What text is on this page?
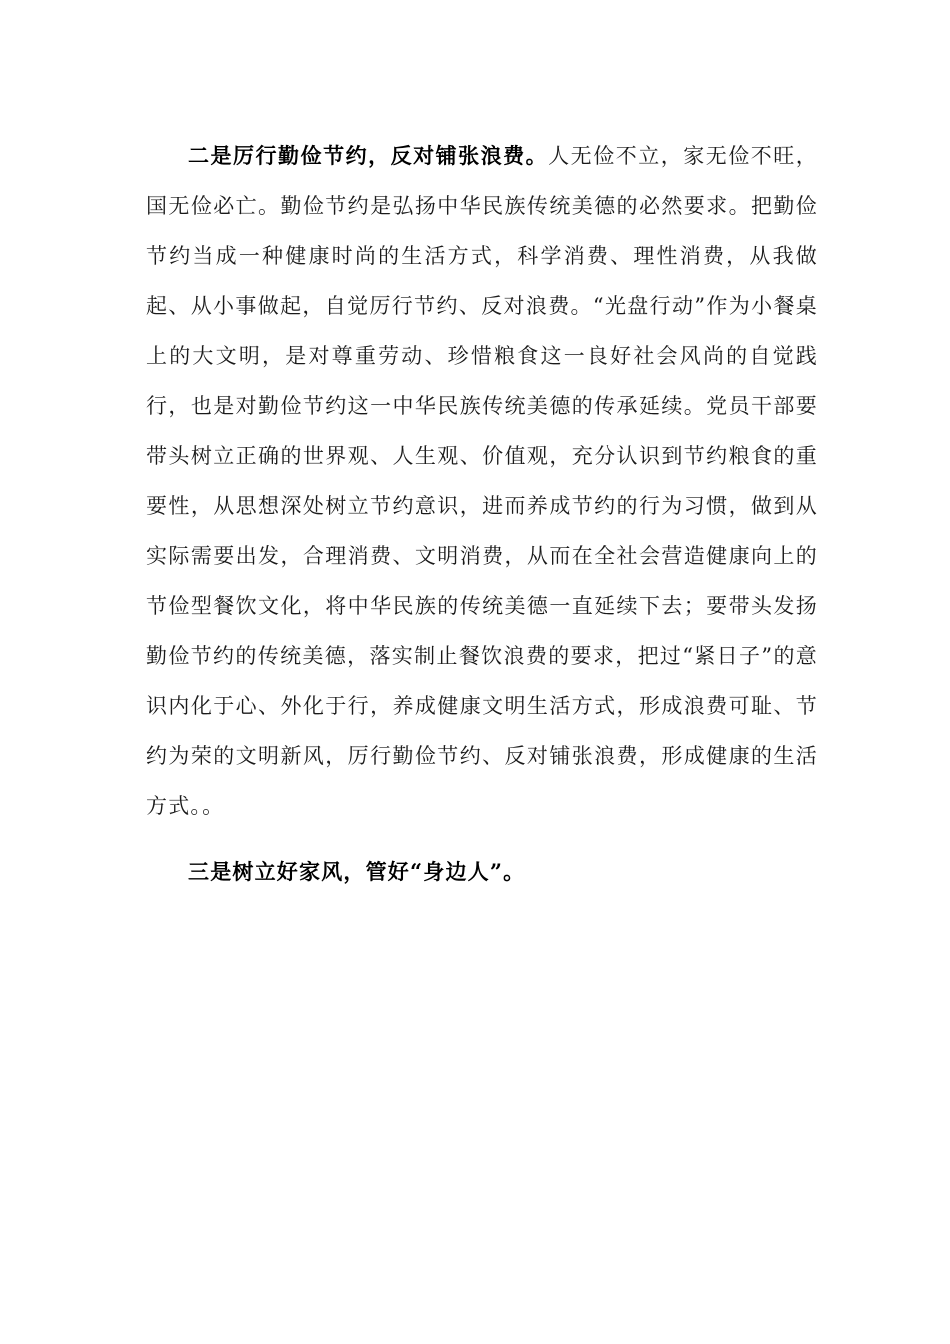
二是厉行勤俭节约，反对铺张浪费。人无俭不立，家无俭不旺，国无俭必亡。勤俭节约是弘扬中华民族传统美德的必然要求。把勤俭节约当成一种健康时尚的生活方式，科学消费、理性消费，从我做起、从小事做起，自觉厉行节约、反对浪费。“光盘行动”作为小餐桌上的大文明，是对尊重劳动、珍惜粮食这一良好社会风尚的自觉践行，也是对勤俭节约这一中华民族传统美德的传承延续。党员干部要带头树立正确的世界观、人生观、价值观，充分认识到节约粮食的重要性，从思想深处树立节约意识，进而养成节约的行为习惯，做到从实际需要出发，合理消费、文明消费，从而在全社会营造健康向上的节俭型餐饮文化，将中华民族的传统美德一直延续下去；要带头发扬勤俭节约的传统美德，落实制止餐饮浪费的要求，把过“紧日子”的意识内化于心、外化于行，养成健康文明生活方式，形成浪费可耻、节约为荣的文明新风，厉行勤俭节约、反对铺张浪费，形成健康的生活方式。。

三是树立好家风，管好“身边人”。
